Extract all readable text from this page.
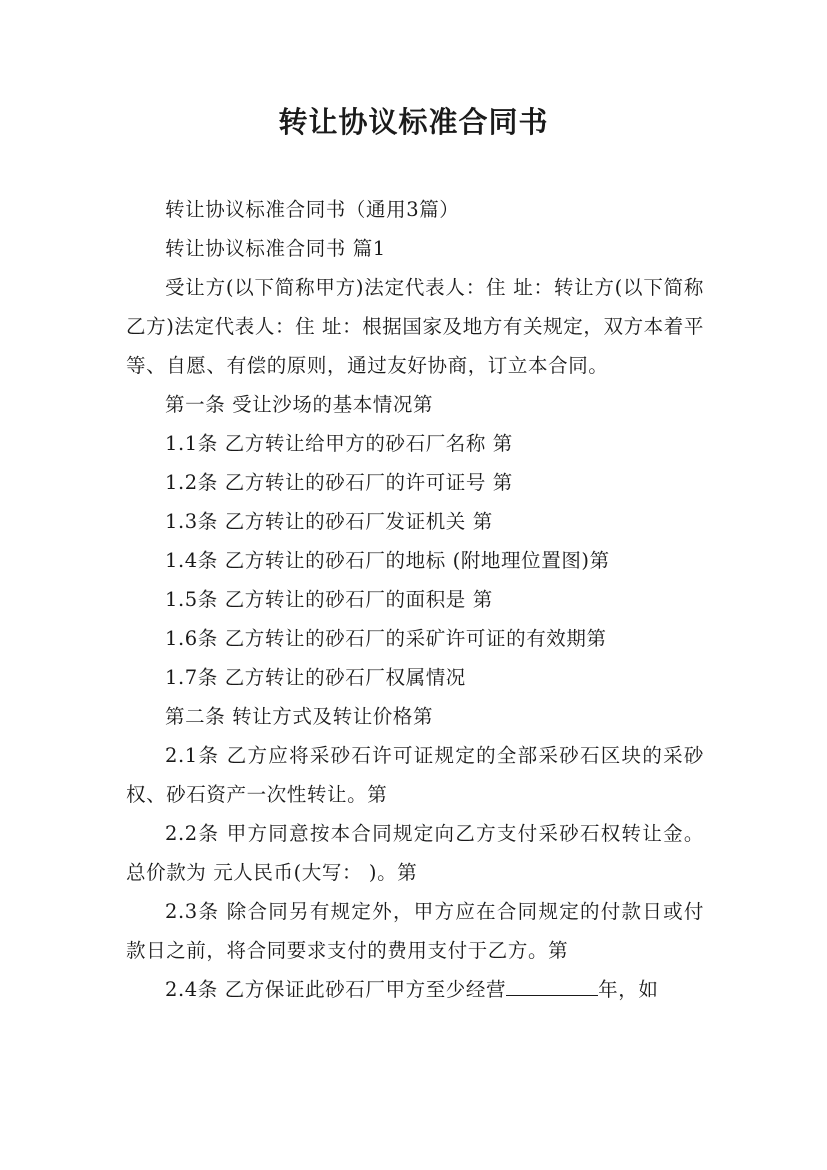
转让协议标准合同书

转让协议标准合同书（通用3篇）

转让协议标准合同书 篇1

受让方(以下简称甲方)法定代表人：住 址：转让方(以下简称乙方)法定代表人：住 址：根据国家及地方有关规定，双方本着平等、自愿、有偿的原则，通过友好协商，订立本合同。

第一条 受让沙场的基本情况第

1.1条 乙方转让给甲方的砂石厂名称 第

1.2条 乙方转让的砂石厂的许可证号 第

1.3条 乙方转让的砂石厂发证机关 第

1.4条 乙方转让的砂石厂的地标 (附地理位置图)第

1.5条 乙方转让的砂石厂的面积是 第

1.6条 乙方转让的砂石厂的采矿许可证的有效期第

1.7条 乙方转让的砂石厂权属情况

第二条 转让方式及转让价格第

2.1条 乙方应将采砂石许可证规定的全部采砂石区块的采砂权、砂石资产一次性转让。第

2.2条 甲方同意按本合同规定向乙方支付采砂石权转让金。总价款为 元人民币(大写： )。第

2.3条 除合同另有规定外，甲方应在合同规定的付款日或付款日之前，将合同要求支付的费用支付于乙方。第

2.4条 乙方保证此砂石厂甲方至少经营	年，如
